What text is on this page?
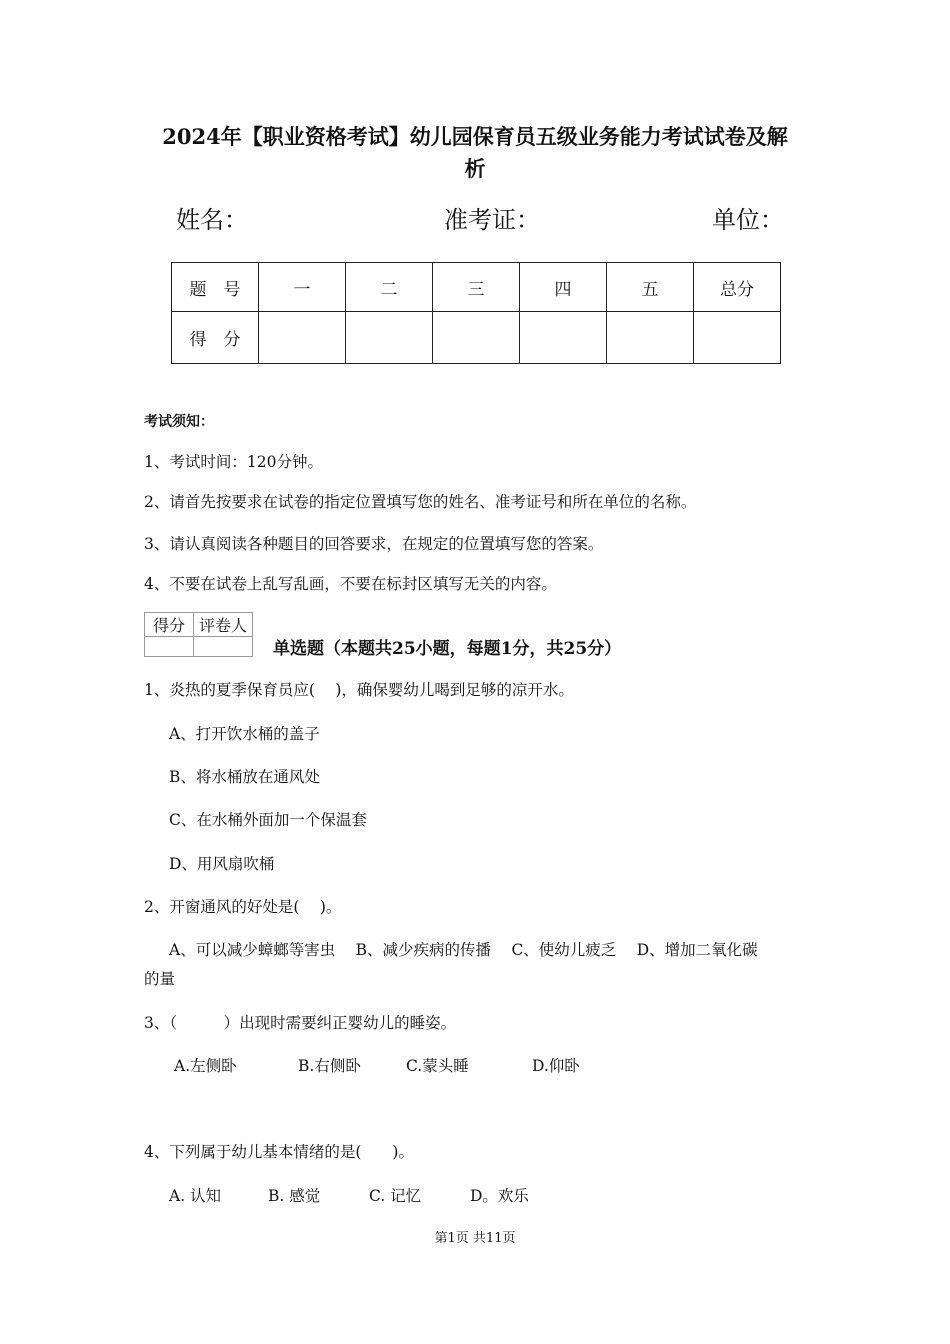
2024年【职业资格考试】幼儿园保育员五级业务能力考试试卷及解
析
姓名：	准考证：	单位：
题　号	一	二	三	四	五	总分
得　分						
考试须知：
1、考试时间：120分钟。
2、请首先按要求在试卷的指定位置填写您的姓名、准考证号和所在单位的名称。
3、请认真阅读各种题目的回答要求，在规定的位置填写您的答案。
4、不要在试卷上乱写乱画，不要在标封区填写无关的内容。
得分	评卷人

单选题（本题共25小题，每题1分，共25分）
1、炎热的夏季保育员应(　 )，确保婴幼儿喝到足够的凉开水。
A、打开饮水桶的盖子
B、将水桶放在通风处
C、在水桶外面加一个保温套
D、用风扇吹桶
2、开窗通风的好处是(　 )。
A、可以减少蟑螂等害虫　 B、减少疾病的传播　 C、使幼儿疲乏　 D、增加二氧化碳
的量
3、（　　　）出现时需要纠正婴幼儿的睡姿。
A.左侧卧	B.右侧卧	C.蒙头睡	D.仰卧
4、下列属于幼儿基本情绪的是(　　)。
A. 认知	B. 感觉	C. 记忆	D。欢乐
第1页 共11页
